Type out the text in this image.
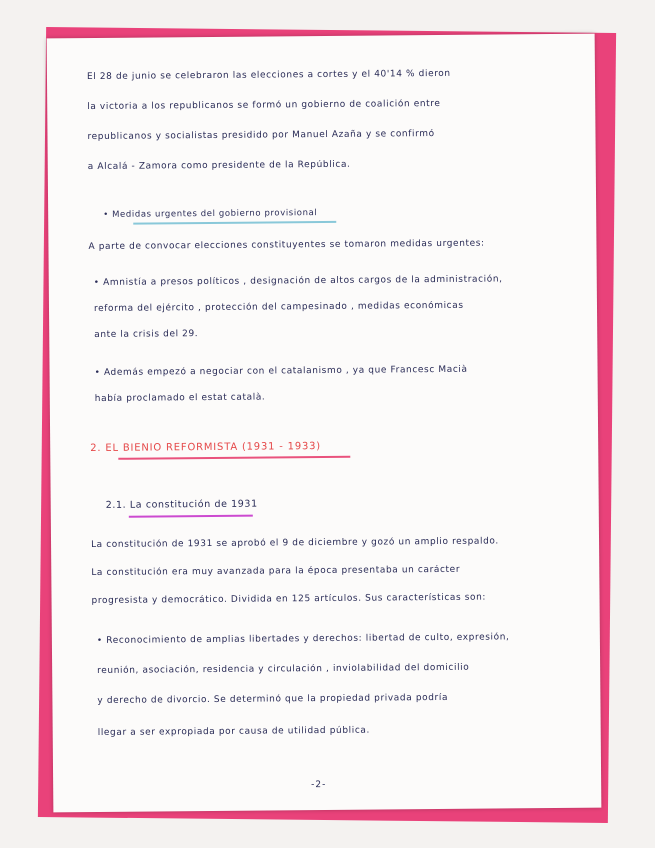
El 28 de junio se celebraron las elecciones a cortes y el 40'14 % dieron
la victoria a los republicanos se formó un gobierno de coalición entre
republicanos y socialistas presidido por Manuel Azaña y se confirmó
a Alcalá - Zamora como presidente de la República.
• Medidas urgentes del gobierno provisional
A parte de convocar elecciones constituyentes se tomaron medidas urgentes:
• Amnistía a presos políticos , designación de altos cargos de la administración,
reforma del ejército , protección del campesinado , medidas económicas
ante la crisis del 29.
• Además empezó a negociar con el catalanismo , ya que Francesc Macià
había proclamado el estat català.
2. EL BIENIO REFORMISTA (1931 - 1933)
2.1. La constitución de 1931
La constitución de 1931 se aprobó el 9 de diciembre y gozó un amplio respaldo.
La constitución era muy avanzada para la época presentaba un carácter
progresista y democrático. Dividida en 125 artículos. Sus características son:
• Reconocimiento de amplias libertades y derechos: libertad de culto, expresión,
reunión, asociación, residencia y circulación , inviolabilidad del domicilio
y derecho de divorcio. Se determinó que la propiedad privada podría
llegar a ser expropiada por causa de utilidad pública.
-2-
